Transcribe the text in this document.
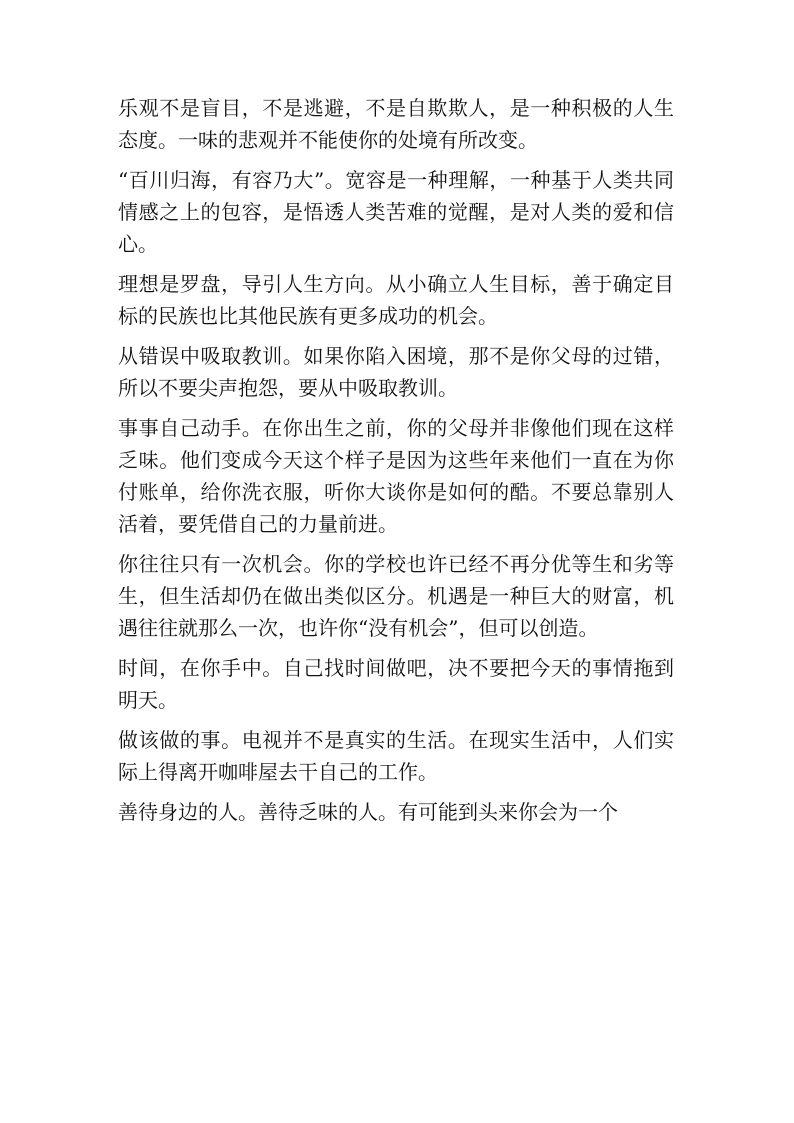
乐观不是盲目，不是逃避，不是自欺欺人，是一种积极的人生态度。一味的悲观并不能使你的处境有所改变。

“百川归海，有容乃大”。宽容是一种理解，一种基于人类共同情感之上的包容，是悟透人类苦难的觉醒，是对人类的爱和信心。

理想是罗盘，导引人生方向。从小确立人生目标，善于确定目标的民族也比其他民族有更多成功的机会。

从错误中吸取教训。如果你陷入困境，那不是你父母的过错，所以不要尖声抱怨，要从中吸取教训。

事事自己动手。在你出生之前，你的父母并非像他们现在这样乏味。他们变成今天这个样子是因为这些年来他们一直在为你付账单，给你洗衣服，听你大谈你是如何的酷。不要总靠别人活着，要凭借自己的力量前进。

你往往只有一次机会。你的学校也许已经不再分优等生和劣等生，但生活却仍在做出类似区分。机遇是一种巨大的财富，机遇往往就那么一次，也许你“没有机会”，但可以创造。

时间，在你手中。自己找时间做吧，决不要把今天的事情拖到明天。

做该做的事。电视并不是真实的生活。在现实生活中，人们实际上得离开咖啡屋去干自己的工作。

善待身边的人。善待乏味的人。有可能到头来你会为一个
